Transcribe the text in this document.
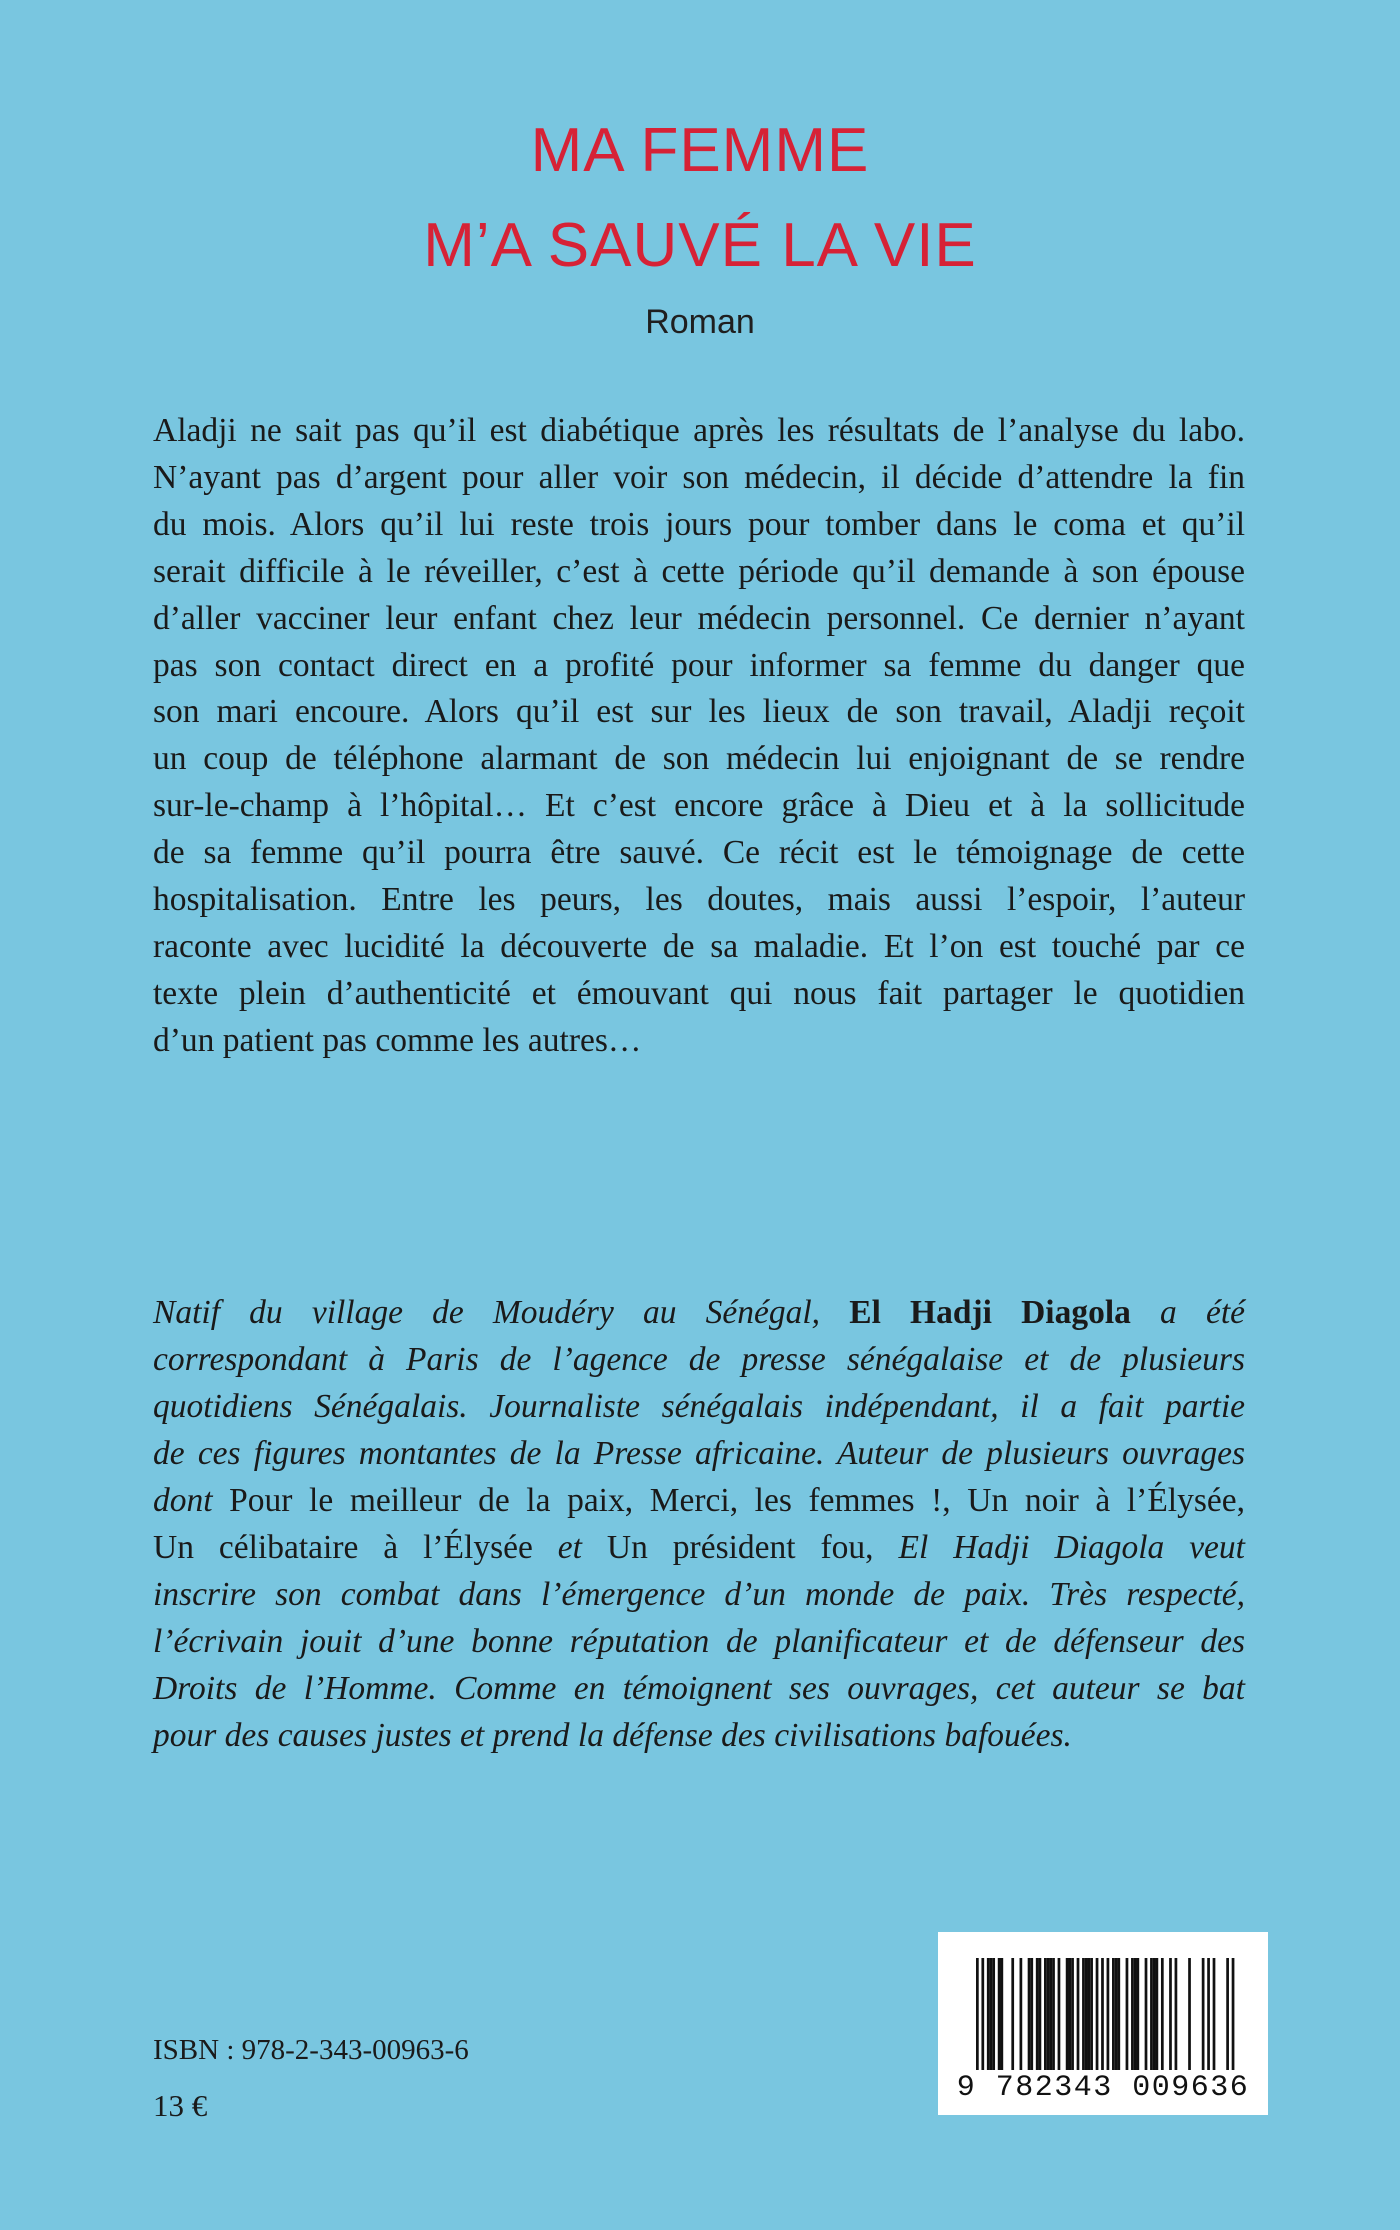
MA FEMME
M’A SAUVÉ LA VIE
Roman
Aladji ne sait pas qu’il est diabétique après les résultats de l’analyse du labo.
N’ayant pas d’argent pour aller voir son médecin, il décide d’attendre la fin
du mois. Alors qu’il lui reste trois jours pour tomber dans le coma et qu’il
serait difficile à le réveiller, c’est à cette période qu’il demande à son épouse
d’aller vacciner leur enfant chez leur médecin personnel. Ce dernier n’ayant
pas son contact direct en a profité pour informer sa femme du danger que
son mari encoure. Alors qu’il est sur les lieux de son travail, Aladji reçoit
un coup de téléphone alarmant de son médecin lui enjoignant de se rendre
sur-le-champ à l’hôpital… Et c’est encore grâce à Dieu et à la sollicitude
de sa femme qu’il pourra être sauvé. Ce récit est le témoignage de cette
hospitalisation. Entre les peurs, les doutes, mais aussi l’espoir, l’auteur
raconte avec lucidité la découverte de sa maladie. Et l’on est touché par ce
texte plein d’authenticité et émouvant qui nous fait partager le quotidien
d’un patient pas comme les autres…
Natif du village de Moudéry au Sénégal, El Hadji Diagola a été
correspondant à Paris de l’agence de presse sénégalaise et de plusieurs
quotidiens Sénégalais. Journaliste sénégalais indépendant, il a fait partie
de ces figures montantes de la Presse africaine. Auteur de plusieurs ouvrages
dont Pour le meilleur de la paix, Merci, les femmes !, Un noir à l’Élysée,
Un célibataire à l’Élysée et Un président fou, El Hadji Diagola veut
inscrire son combat dans l’émergence d’un monde de paix. Très respecté,
l’écrivain jouit d’une bonne réputation de planificateur et de défenseur des
Droits de l’Homme. Comme en témoignent ses ouvrages, cet auteur se bat
pour des causes justes et prend la défense des civilisations bafouées.
ISBN : 978-2-343-00963-6
13 €	9 782343 009636
